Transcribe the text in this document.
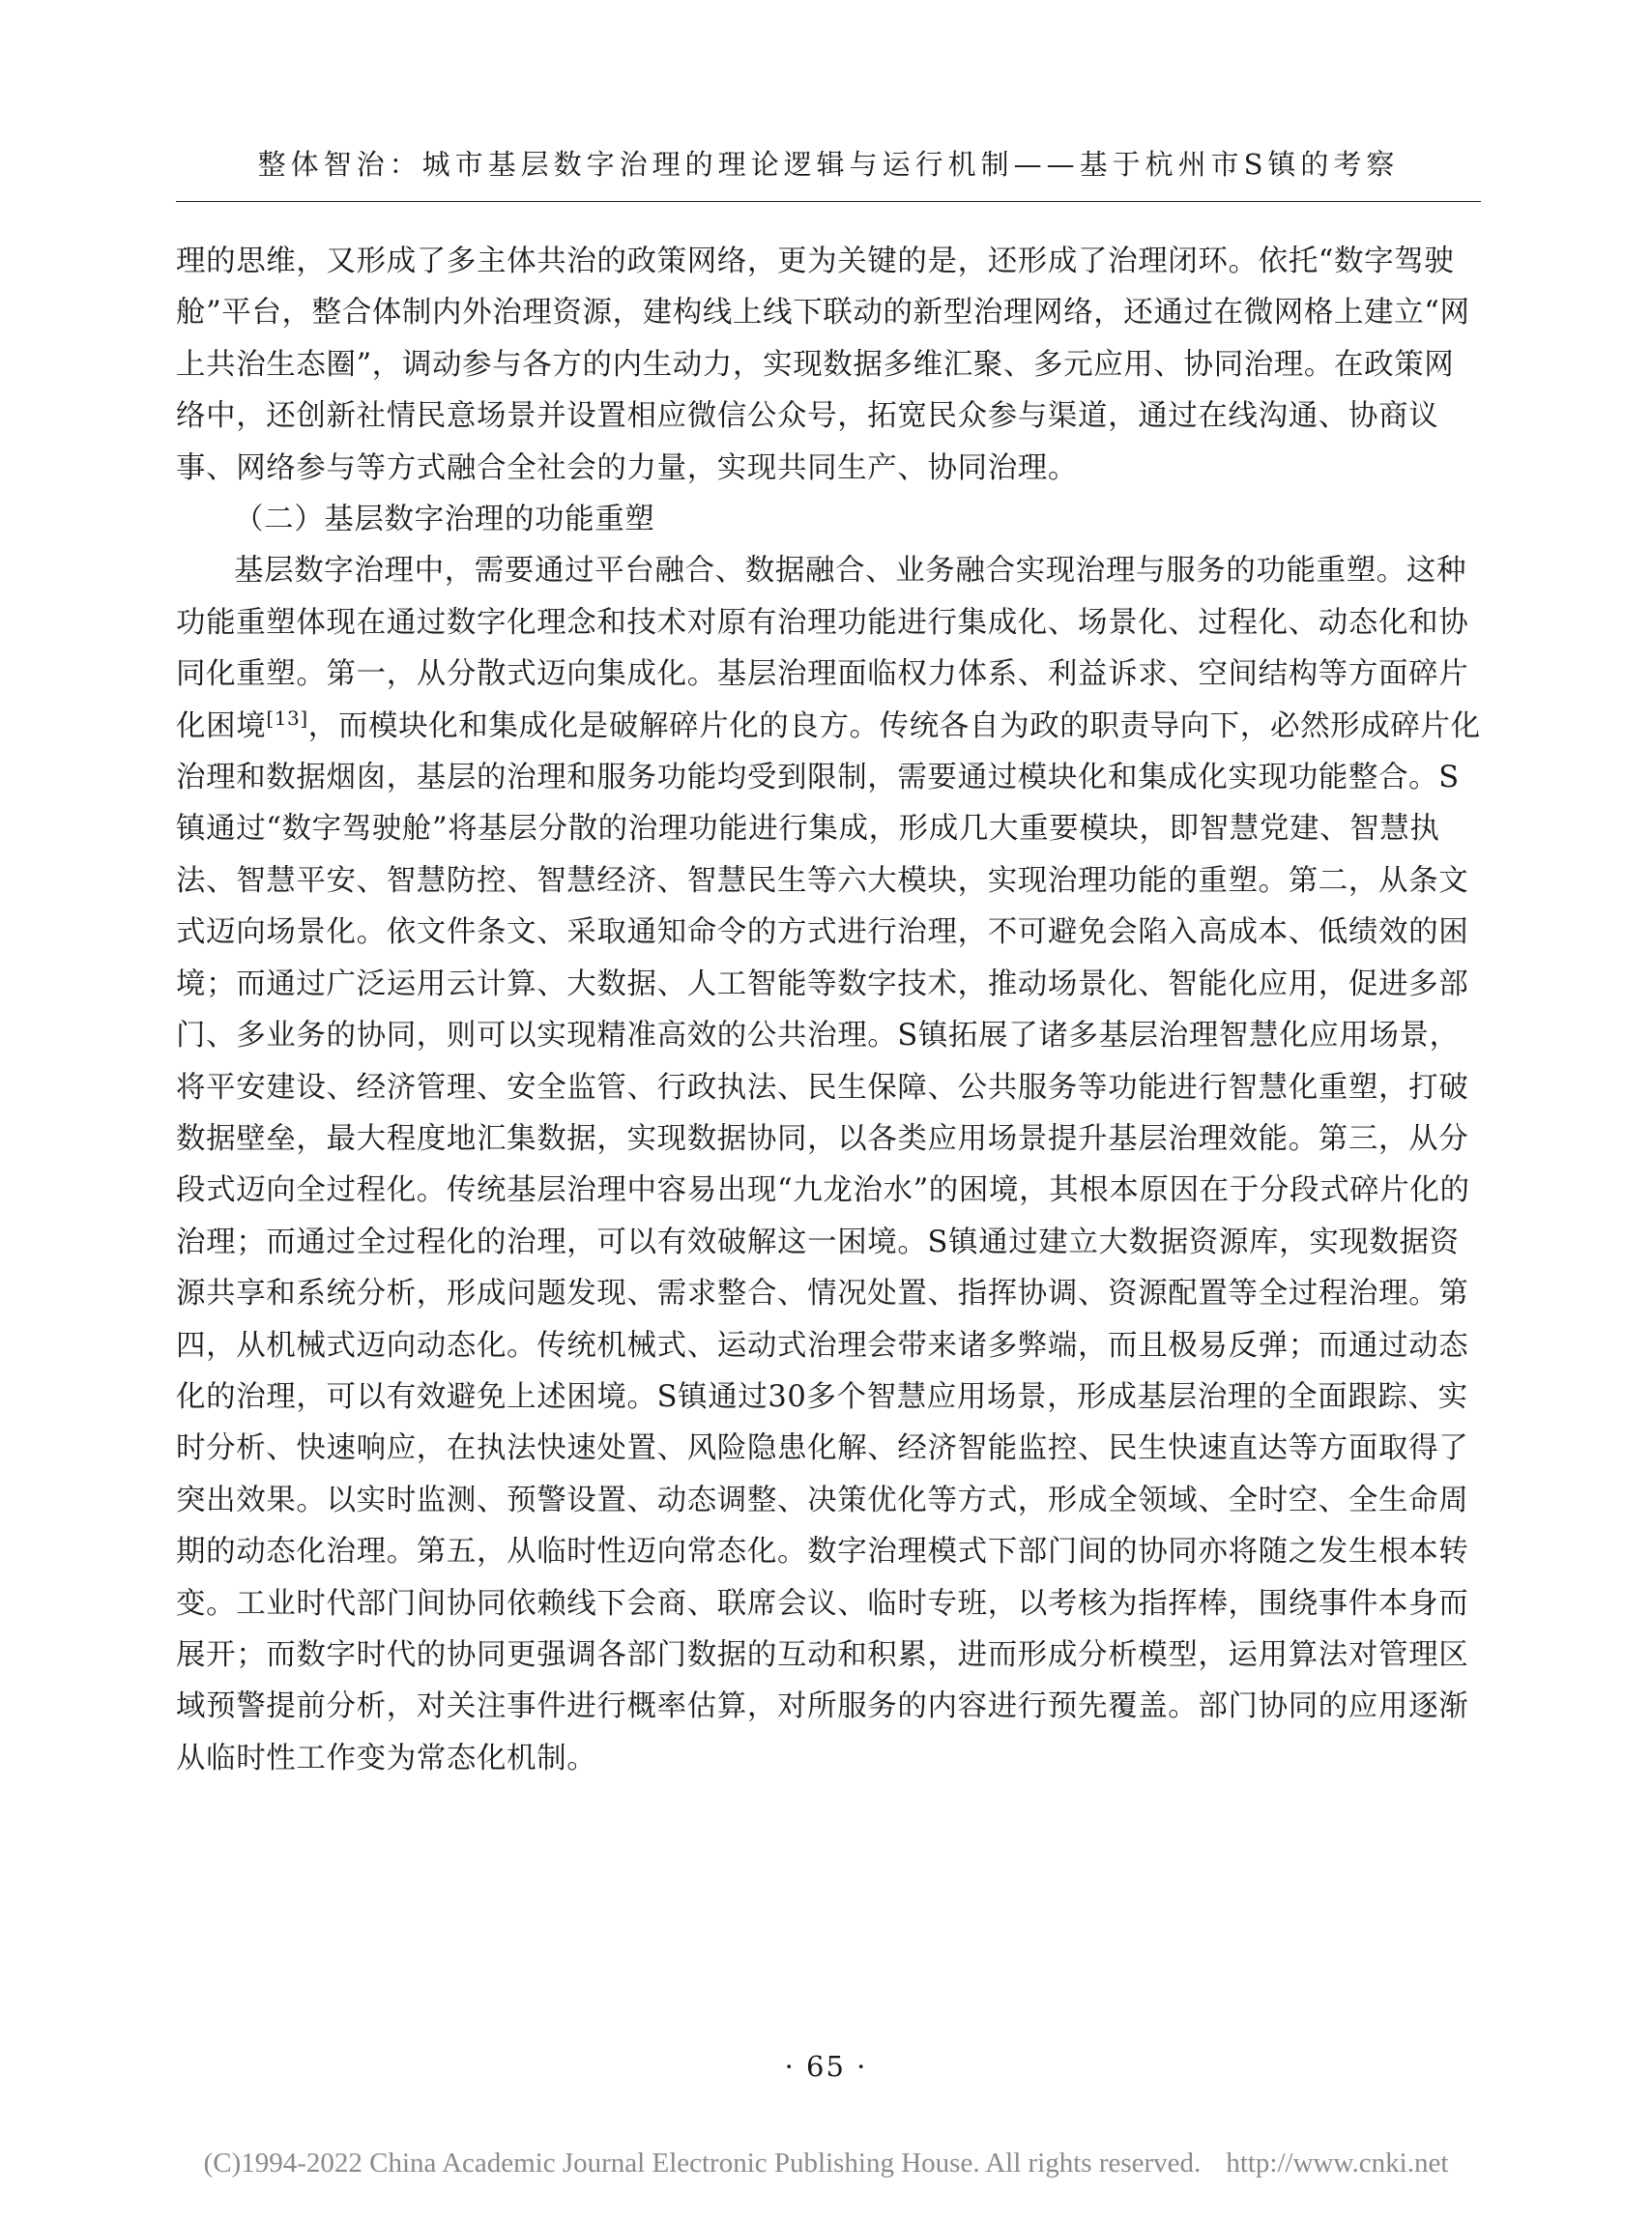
整体智治：城市基层数字治理的理论逻辑与运行机制——基于杭州市S镇的考察

理的思维，又形成了多主体共治的政策网络，更为关键的是，还形成了治理闭环。依托“数字驾驶舱”平台，整合体制内外治理资源，建构线上线下联动的新型治理网络，还通过在微网格上建立“网上共治生态圈”，调动参与各方的内生动力，实现数据多维汇聚、多元应用、协同治理。在政策网络中，还创新社情民意场景并设置相应微信公众号，拓宽民众参与渠道，通过在线沟通、协商议事、网络参与等方式融合全社会的力量，实现共同生产、协同治理。

（二）基层数字治理的功能重塑

基层数字治理中，需要通过平台融合、数据融合、业务融合实现治理与服务的功能重塑。这种功能重塑体现在通过数字化理念和技术对原有治理功能进行集成化、场景化、过程化、动态化和协同化重塑。第一，从分散式迈向集成化。基层治理面临权力体系、利益诉求、空间结构等方面碎片化困境[13]，而模块化和集成化是破解碎片化的良方。传统各自为政的职责导向下，必然形成碎片化治理和数据烟囱，基层的治理和服务功能均受到限制，需要通过模块化和集成化实现功能整合。S镇通过“数字驾驶舱”将基层分散的治理功能进行集成，形成几大重要模块，即智慧党建、智慧执法、智慧平安、智慧防控、智慧经济、智慧民生等六大模块，实现治理功能的重塑。第二，从条文式迈向场景化。依文件条文、采取通知命令的方式进行治理，不可避免会陷入高成本、低绩效的困境；而通过广泛运用云计算、大数据、人工智能等数字技术，推动场景化、智能化应用，促进多部门、多业务的协同，则可以实现精准高效的公共治理。S镇拓展了诸多基层治理智慧化应用场景，将平安建设、经济管理、安全监管、行政执法、民生保障、公共服务等功能进行智慧化重塑，打破数据壁垒，最大程度地汇集数据，实现数据协同，以各类应用场景提升基层治理效能。第三，从分段式迈向全过程化。传统基层治理中容易出现“九龙治水”的困境，其根本原因在于分段式碎片化的治理；而通过全过程化的治理，可以有效破解这一困境。S镇通过建立大数据资源库，实现数据资源共享和系统分析，形成问题发现、需求整合、情况处置、指挥协调、资源配置等全过程治理。第四，从机械式迈向动态化。传统机械式、运动式治理会带来诸多弊端，而且极易反弹；而通过动态化的治理，可以有效避免上述困境。S镇通过30多个智慧应用场景，形成基层治理的全面跟踪、实时分析、快速响应，在执法快速处置、风险隐患化解、经济智能监控、民生快速直达等方面取得了突出效果。以实时监测、预警设置、动态调整、决策优化等方式，形成全领域、全时空、全生命周期的动态化治理。第五，从临时性迈向常态化。数字治理模式下部门间的协同亦将随之发生根本转变。工业时代部门间协同依赖线下会商、联席会议、临时专班，以考核为指挥棒，围绕事件本身而展开；而数字时代的协同更强调各部门数据的互动和积累，进而形成分析模型，运用算法对管理区域预警提前分析，对关注事件进行概率估算，对所服务的内容进行预先覆盖。部门协同的应用逐渐从临时性工作变为常态化机制。

· 65 ·
(C)1994-2022 China Academic Journal Electronic Publishing House. All rights reserved. http://www.cnki.net
